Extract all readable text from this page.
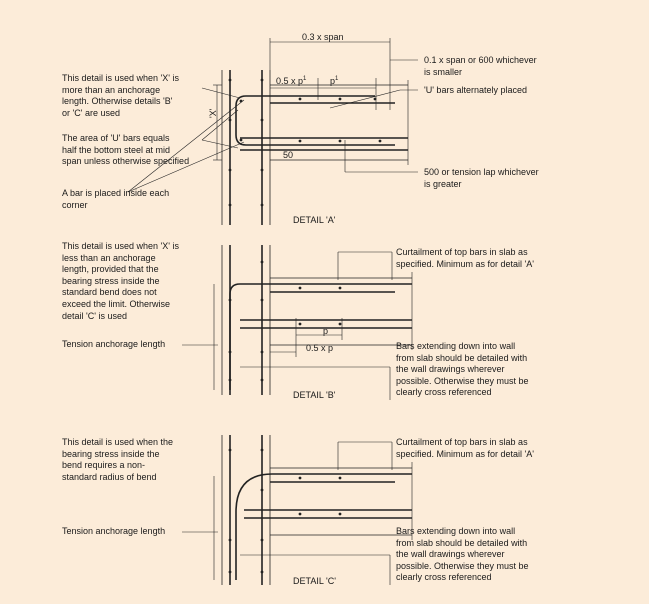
0.3 x span
0.5 x $p^1$	$p^1$
'X'
50
DETAIL 'A'
This detail is used when 'X' is
more than an anchorage
length. Otherwise details 'B'
or 'C' are used
The area of 'U' bars equals
half the bottom steel at mid
span unless otherwise specified
A bar is placed inside each
corner
0.1 x span or 600 whichever
is smaller
'U' bars alternately placed
500 or tension lap whichever
is greater
p
0.5 x p
DETAIL 'B'
This detail is used when 'X' is
less than an anchorage
length, provided that the
bearing stress inside the
standard bend does not
exceed the limit. Otherwise
detail 'C' is used
Tension anchorage length
Curtailment of top bars in slab as
specified. Minimum as for detail 'A'
Bars extending down into wall
from slab should be detailed with
the wall drawings wherever
possible. Otherwise they must be
clearly cross referenced
DETAIL 'C'
This detail is used when the
bearing stress inside the
bend requires a non-
standard radius of bend
Tension anchorage length
Curtailment of top bars in slab as
specified. Minimum as for detail 'A'
Bars extending down into wall
from slab should be detailed with
the wall drawings wherever
possible. Otherwise they must be
clearly cross referenced
